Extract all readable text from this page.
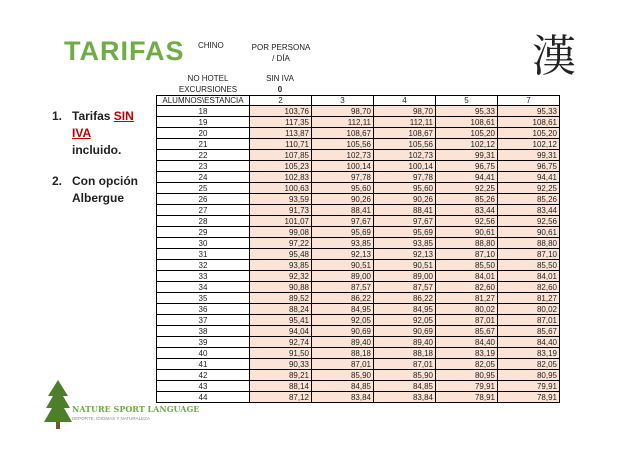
TARIFAS CHINO	POR PERSONA
/ DÍA
NO HOTEL
EXCURSIONES
SIN IVA
0
漢
1. Tarifas SIN IVA incluido.
2. Con opción Albergue
ALUMNOS\ESTANCIA	2	3	4	5	7
18	103,76	98,70	98,70	95,33	95,33
19	117,35	112,11	112,11	108,61	108,61
20	113,87	108,67	108,67	105,20	105,20
21	110,71	105,56	105,56	102,12	102,12
22	107,85	102,73	102,73	99,31	99,31
23	105,23	100,14	100,14	96,75	96,75
24	102,83	97,78	97,78	94,41	94,41
25	100,63	95,60	95,60	92,25	92,25
26	93,59	90,26	90,26	85,26	85,26
27	91,73	88,41	88,41	83,44	83,44
28	101,07	97,67	97,67	92,56	92,56
29	99,08	95,69	95,69	90,61	90,61
30	97,22	93,85	93,85	88,80	88,80
31	95,48	92,13	92,13	87,10	87,10
32	93,85	90,51	90,51	85,50	85,50
33	92,32	89,00	89,00	84,01	84,01
34	90,88	87,57	87,57	82,60	82,60
35	89,52	86,22	86,22	81,27	81,27
36	88,24	84,95	84,95	80,02	80,02
37	95,41	92,05	92,05	87,01	87,01
38	94,04	90,69	90,69	85,67	85,67
39	92,74	89,40	89,40	84,40	84,40
40	91,50	88,18	88,18	83,19	83,19
41	90,33	87,01	87,01	82,05	82,05
42	89,21	85,90	85,90	80,95	80,95
43	88,14	84,85	84,85	79,91	79,91
44	87,12	83,84	83,84	78,91	78,91
NATURE SPORT LANGUAGE
DEPORTE, IDIOMAS Y NATURALEZA
